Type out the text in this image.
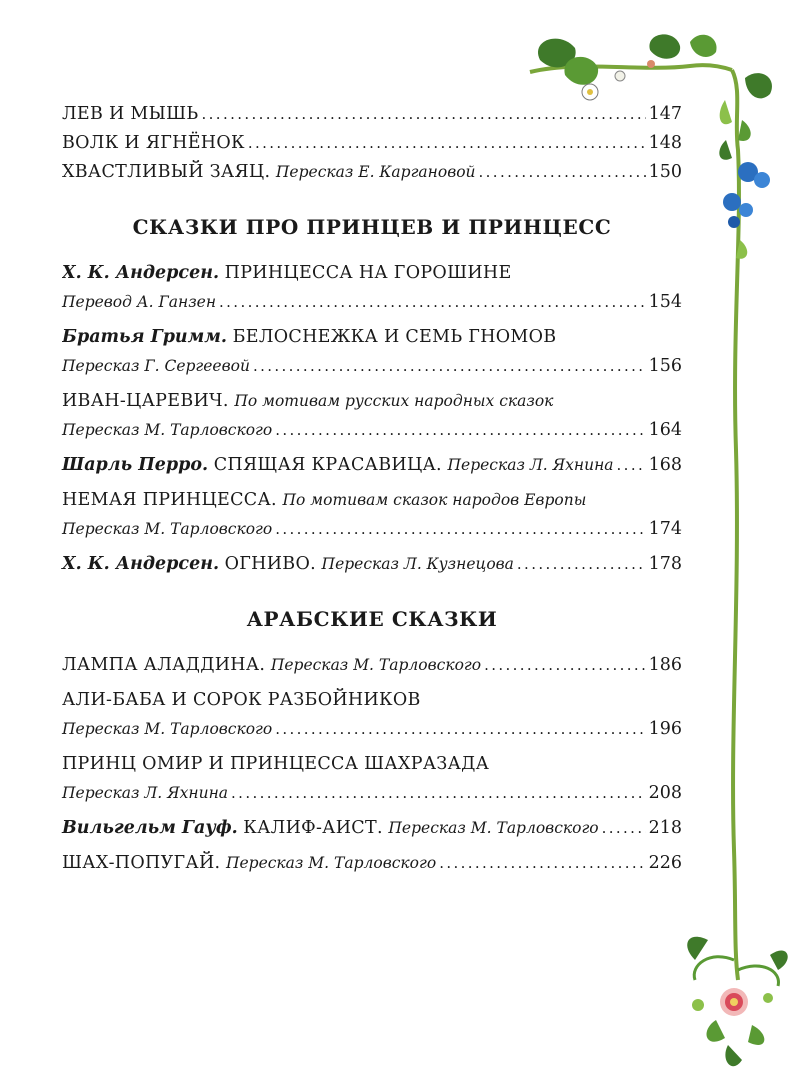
ЛЕВ И МЫШЬ . . .	147
ВОЛК И ЯГНЁНОК . . .	148
ХВАСТЛИВЫЙ ЗАЯЦ. Пересказ Е. Каргановой . . .	150
СКАЗКИ ПРО ПРИНЦЕВ И ПРИНЦЕСС
Х. К. Андерсен. ПРИНЦЕССА НА ГОРОШИНЕ
Перевод А. Ганзен . . .	154
Братья Гримм. БЕЛОСНЕЖКА И СЕМЬ ГНОМОВ
Пересказ Г. Сергеевой . . .	156
ИВАН-ЦАРЕВИЧ. По мотивам русских народных сказок
Пересказ М. Тарловского . . .	164
Шарль Перро. СПЯЩАЯ КРАСАВИЦА. Пересказ Л. Яхнина . . . 168
НЕМАЯ ПРИНЦЕССА. По мотивам сказок народов Европы
Пересказ М. Тарловского . . .	174
Х. К. Андерсен. ОГНИВО. Пересказ Л. Кузнецова . . .	178
АРАБСКИЕ СКАЗКИ
ЛАМПА АЛАДДИНА. Пересказ М. Тарловского . . .	186
АЛИ-БАБА И СОРОК РАЗБОЙНИКОВ
Пересказ М. Тарловского . . .	196
ПРИНЦ ОМИР И ПРИНЦЕССА ШАХРАЗАДА
Пересказ Л. Яхнина . . .	208
Вильгельм Гауф. КАЛИФ-АИСТ. Пересказ М. Тарловского . . .	218
ШАХ-ПОПУГАЙ. Пересказ М. Тарловского . . .	226
